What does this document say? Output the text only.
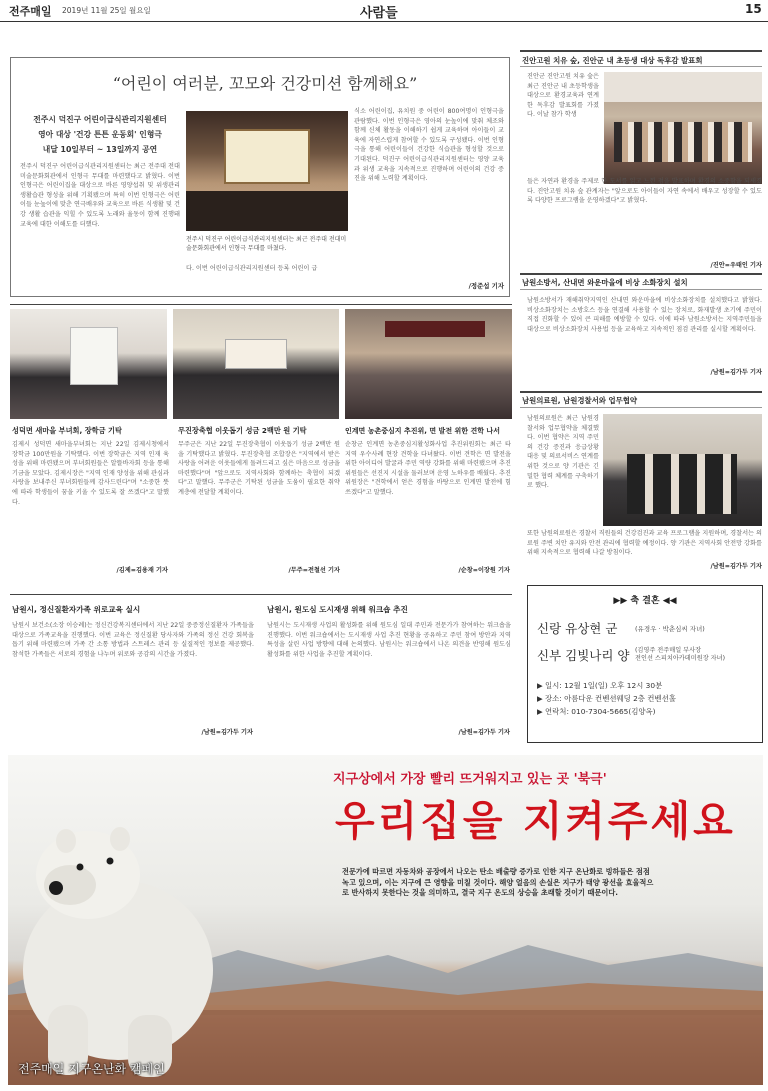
전주매일 2019년 11월 25일 월요일	사람들	15
“어린이 여러분, 꼬모와 건강미션 함께해요”
전주시 덕진구 어린이급식관리지원센터
영아 대상 '건강 튼튼 운동회' 인형극
내달 10일부터 ~ 13일까지 공연
전주시 덕진구 어린이급식관리지원센터는 최근 전주대 전대미술문화회관에서 인형극 무대를 마련했다고 밝혔다. 이번 인형극은 어린이집을 대상으로 바른 영양섭취 및 위생관리 생활습관 형성을 위해 기획됐으며 특히 이번 인형극은 어린이들 눈높이에 맞춘 연극배우와 교육으로 바른 식생활 및 건강 생활 습관을 익힐 수 있도록 노래와 율동이 함께 진행돼 교육에 대한 이해도를 더했다.
전주시 덕진구 어린이급식관리지원센터는 최근 전주대 전대미술문화회관에서 인형극 무대를 마쳤다.
다. 이번 어린이급식관리지원센터 등록 어린이 급
식소 어린이집, 유치원 중 어린이 800여명이 인형극을 관람했다. 이번 인형극은 영아의 눈높이에 맞춰 체조와 함께 신체 활동을 이해하기 쉽게 교육하며 아이들이 교육에 자연스럽게 참여할 수 있도록 구성됐다. 이번 인형극을 통해 어린이들이 건강한 식습관을 형성할 것으로 기대된다. 덕진구 어린이급식관리지원센터는 영양 교육과 위생 교육을 지속적으로 진행하며 어린이의 건강 증진을 위해 노력할 계획이다.
/정준섭 기자
진안고원 치유 숲, 진안군 내 초등생 대상 독후감 발표회
진안군 진안고원 치유 숲은 최근 진안군 내 초등학생을 대상으로 환경교육과 연계한 독후감 발표회를 가졌다. 이날 참가 학생
들은 자연과 환경을 주제로 한 도서를 읽고 느낀 점을 발표하며 환경의 소중함을 되새겼다. 진안고원 치유 숲 관계자는 "앞으로도 아이들이 자연 속에서 배우고 성장할 수 있도록 다양한 프로그램을 운영하겠다"고 밝혔다.
/진안=우태인 기자
남원소방서, 산내면 와운마을에 비상 소화장치 설치
남원소방서가 재해취약지역인 산내면 와운마을에 비상소화장치를 설치했다고 밝혔다. 비상소화장치는 소방호스 등을 연결해 사용할 수 있는 장치로, 화재발생 초기에 주민이 직접 진화할 수 있어 큰 피해를 예방할 수 있다. 이에 따라 남원소방서는 지역주민들을 대상으로 비상소화장치 사용법 등을 교육하고 지속적인 점검 관리를 실시할 계획이다.
/남원=김가두 기자
남원의료원, 남원경찰서와 업무협약
남원의료원은 최근 남원경찰서와 업무협약을 체결했다. 이번 협약은 지역 주민의 건강 증진과 응급상황 대응 및 의료서비스 연계를 위한 것으로 양 기관은 긴밀한 협력 체계를 구축하기로 했다.
또한 남원의료원은 경찰서 직원들의 건강검진과 교육 프로그램을 지원하며, 경찰서는 의료원 주변 치안 유지와 안전 관리에 협력할 예정이다. 양 기관은 지역사회 안전망 강화를 위해 지속적으로 협력해 나갈 방침이다.
/남원=김가두 기자
성덕면 새마을 부녀회, 장학금 기탁
김제시 성덕면 새마을부녀회는 지난 22일 김제시청에서 장학금 100만원을 기탁했다. 이번 장학금은 지역 인재 육성을 위해 마련됐으며 부녀회원들은 알뜰바자회 등을 통해 기금을 모았다. 김제시장은 "지역 인재 양성을 위해 관심과 사랑을 보내주신 부녀회원들께 감사드린다"며 "소중한 뜻에 따라 학생들이 꿈을 키울 수 있도록 잘 쓰겠다"고 말했다.
/김제=김용재 기자
무진장축협 이웃돕기 성금 2백만 원 기탁
무주군은 지난 22일 무진장축협이 이웃돕기 성금 2백만 원을 기탁했다고 밝혔다. 무진장축협 조합장은 "지역에서 받은 사랑을 어려운 이웃들에게 돌려드리고 싶은 마음으로 성금을 마련했다"며 "앞으로도 지역사회와 함께하는 축협이 되겠다"고 말했다. 무주군은 기탁된 성금을 도움이 필요한 취약계층에 전달할 계획이다.
/무주=전철선 기자
인계면 농촌중심지 추진위, 면 발전 위한 견학 나서
순창군 인계면 농촌중심지활성화사업 추진위원회는 최근 타 지역 우수사례 현장 견학을 다녀왔다. 이번 견학은 면 발전을 위한 아이디어 발굴과 주민 역량 강화를 위해 마련됐으며 추진위원들은 선진지 시설을 둘러보며 운영 노하우를 배웠다. 추진위원장은 "견학에서 얻은 경험을 바탕으로 인계면 발전에 힘쓰겠다"고 말했다.
/순창=이장원 기자
남원시, 정신질환자가족 위로교육 실시
남원시 보건소(소장 이승례)는 정신건강복지센터에서 지난 22일 중증정신질환자 가족들을 대상으로 가족교육을 진행했다. 이번 교육은 정신질환 당사자와 가족의 정신 건강 회복을 돕기 위해 마련됐으며 가족 간 소통 방법과 스트레스 관리 등 실질적인 정보를 제공했다. 참석한 가족들은 서로의 경험을 나누며 위로와 공감의 시간을 가졌다.
/남원=김가두 기자
남원시, 원도심 도시재생 위해 워크숍 추진
남원시는 도시재생 사업의 활성화를 위해 원도심 일대 주민과 전문가가 참여하는 워크숍을 진행했다. 이번 워크숍에서는 도시재생 사업 추진 현황을 공유하고 주민 참여 방안과 지역 특성을 살린 사업 방향에 대해 논의했다. 남원시는 워크숍에서 나온 의견을 반영해 원도심 활성화를 위한 사업을 추진할 계획이다.
/남원=김가두 기자
▶▶ 축 결혼 ◀◀
신랑 유상현 군	(유경우 · 박춘심씨 자녀)
신부 김빛나리 양 (김영주 전주매일 부사장
전인선 스피치아카데미원장 자녀)
▶ 일시: 12월 1일(일) 오후 12시 30분
▶ 장소: 아름다운 컨벤션웨딩 2층 컨벤션홀
▶ 연락처: 010-7304-5665(김양옥)
지구상에서 가장 빨리 뜨거워지고 있는 곳 '북극'
우리집을 지켜주세요
전문가에 따르면 자동차와 공장에서 나오는 탄소 배출량 증가로 인한 지구 온난화로 빙하들은 점점
녹고 있으며, 이는 지구에 큰 영향을 미칠 것이다. 해양 얼음의 손실은 지구가 태양 광선을 효율적으
로 반사하지 못한다는 것을 의미하고, 결국 지구 온도의 상승을 초래할 것이기 때문이다.
전주매일 지구온난화 캠페인
